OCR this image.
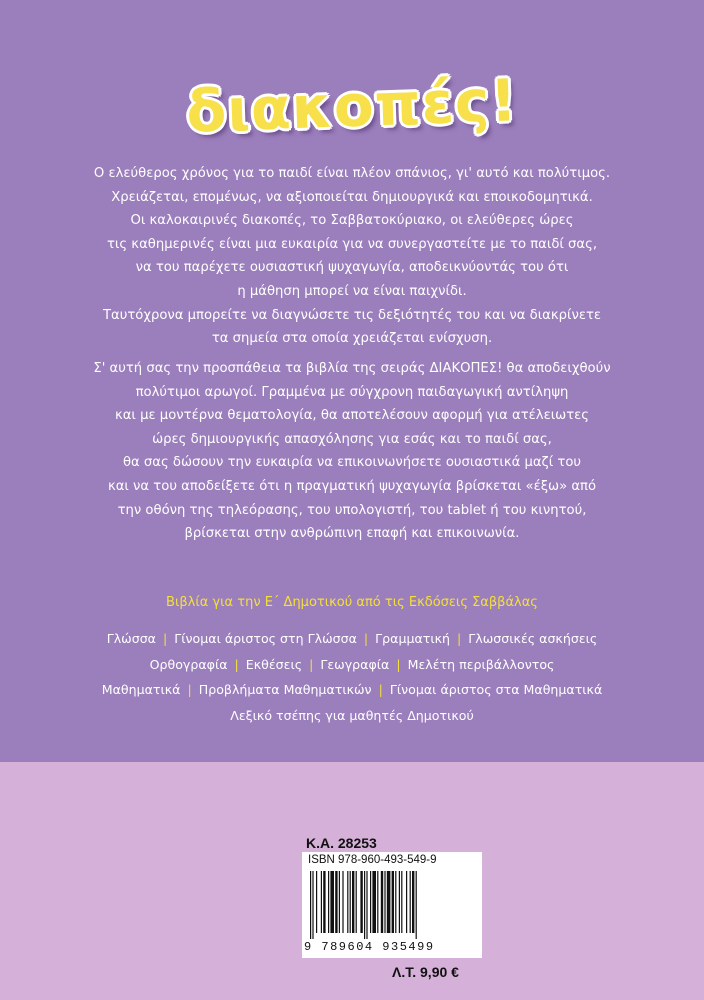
διακοπές!
Ο ελεύθερος χρόνος για το παιδί είναι πλέον σπάνιος, γι' αυτό και πολύτιμος.
Χρειάζεται, επομένως, να αξιοποιείται δημιουργικά και εποικοδομητικά.
Οι καλοκαιρινές διακοπές, το Σαββατοκύριακο, οι ελεύθερες ώρες
τις καθημερινές είναι μια ευκαιρία για να συνεργαστείτε με το παιδί σας,
να του παρέχετε ουσιαστική ψυχαγωγία, αποδεικνύοντάς του ότι
η μάθηση μπορεί να είναι παιχνίδι.
Ταυτόχρονα μπορείτε να διαγνώσετε τις δεξιότητές του και να διακρίνετε
τα σημεία στα οποία χρειάζεται ενίσχυση.
Σ' αυτή σας την προσπάθεια τα βιβλία της σειράς ΔΙΑΚΟΠΕΣ! θα αποδειχθούν
πολύτιμοι αρωγοί. Γραμμένα με σύγχρονη παιδαγωγική αντίληψη
και με μοντέρνα θεματολογία, θα αποτελέσουν αφορμή για ατέλειωτες
ώρες δημιουργικής απασχόλησης για εσάς και το παιδί σας,
θα σας δώσουν την ευκαιρία να επικοινωνήσετε ουσιαστικά μαζί του
και να του αποδείξετε ότι η πραγματική ψυχαγωγία βρίσκεται «έξω» από
την οθόνη της τηλεόρασης, του υπολογιστή, του tablet ή του κινητού,
βρίσκεται στην ανθρώπινη επαφή και επικοινωνία.
Βιβλία για την Ε΄ Δημοτικού από τις Εκδόσεις Σαββάλας
Γλώσσα | Γίνομαι άριστος στη Γλώσσα | Γραμματική | Γλωσσικές ασκήσεις
Ορθογραφία | Εκθέσεις | Γεωγραφία | Μελέτη περιβάλλοντος
Μαθηματικά | Προβλήματα Μαθηματικών | Γίνομαι άριστος στα Μαθηματικά
Λεξικό τσέπης για μαθητές Δημοτικού
Κ.Α. 28253
ISBN 978-960-493-549-9
9 789604 935499
Λ.Τ. 9,90 €
